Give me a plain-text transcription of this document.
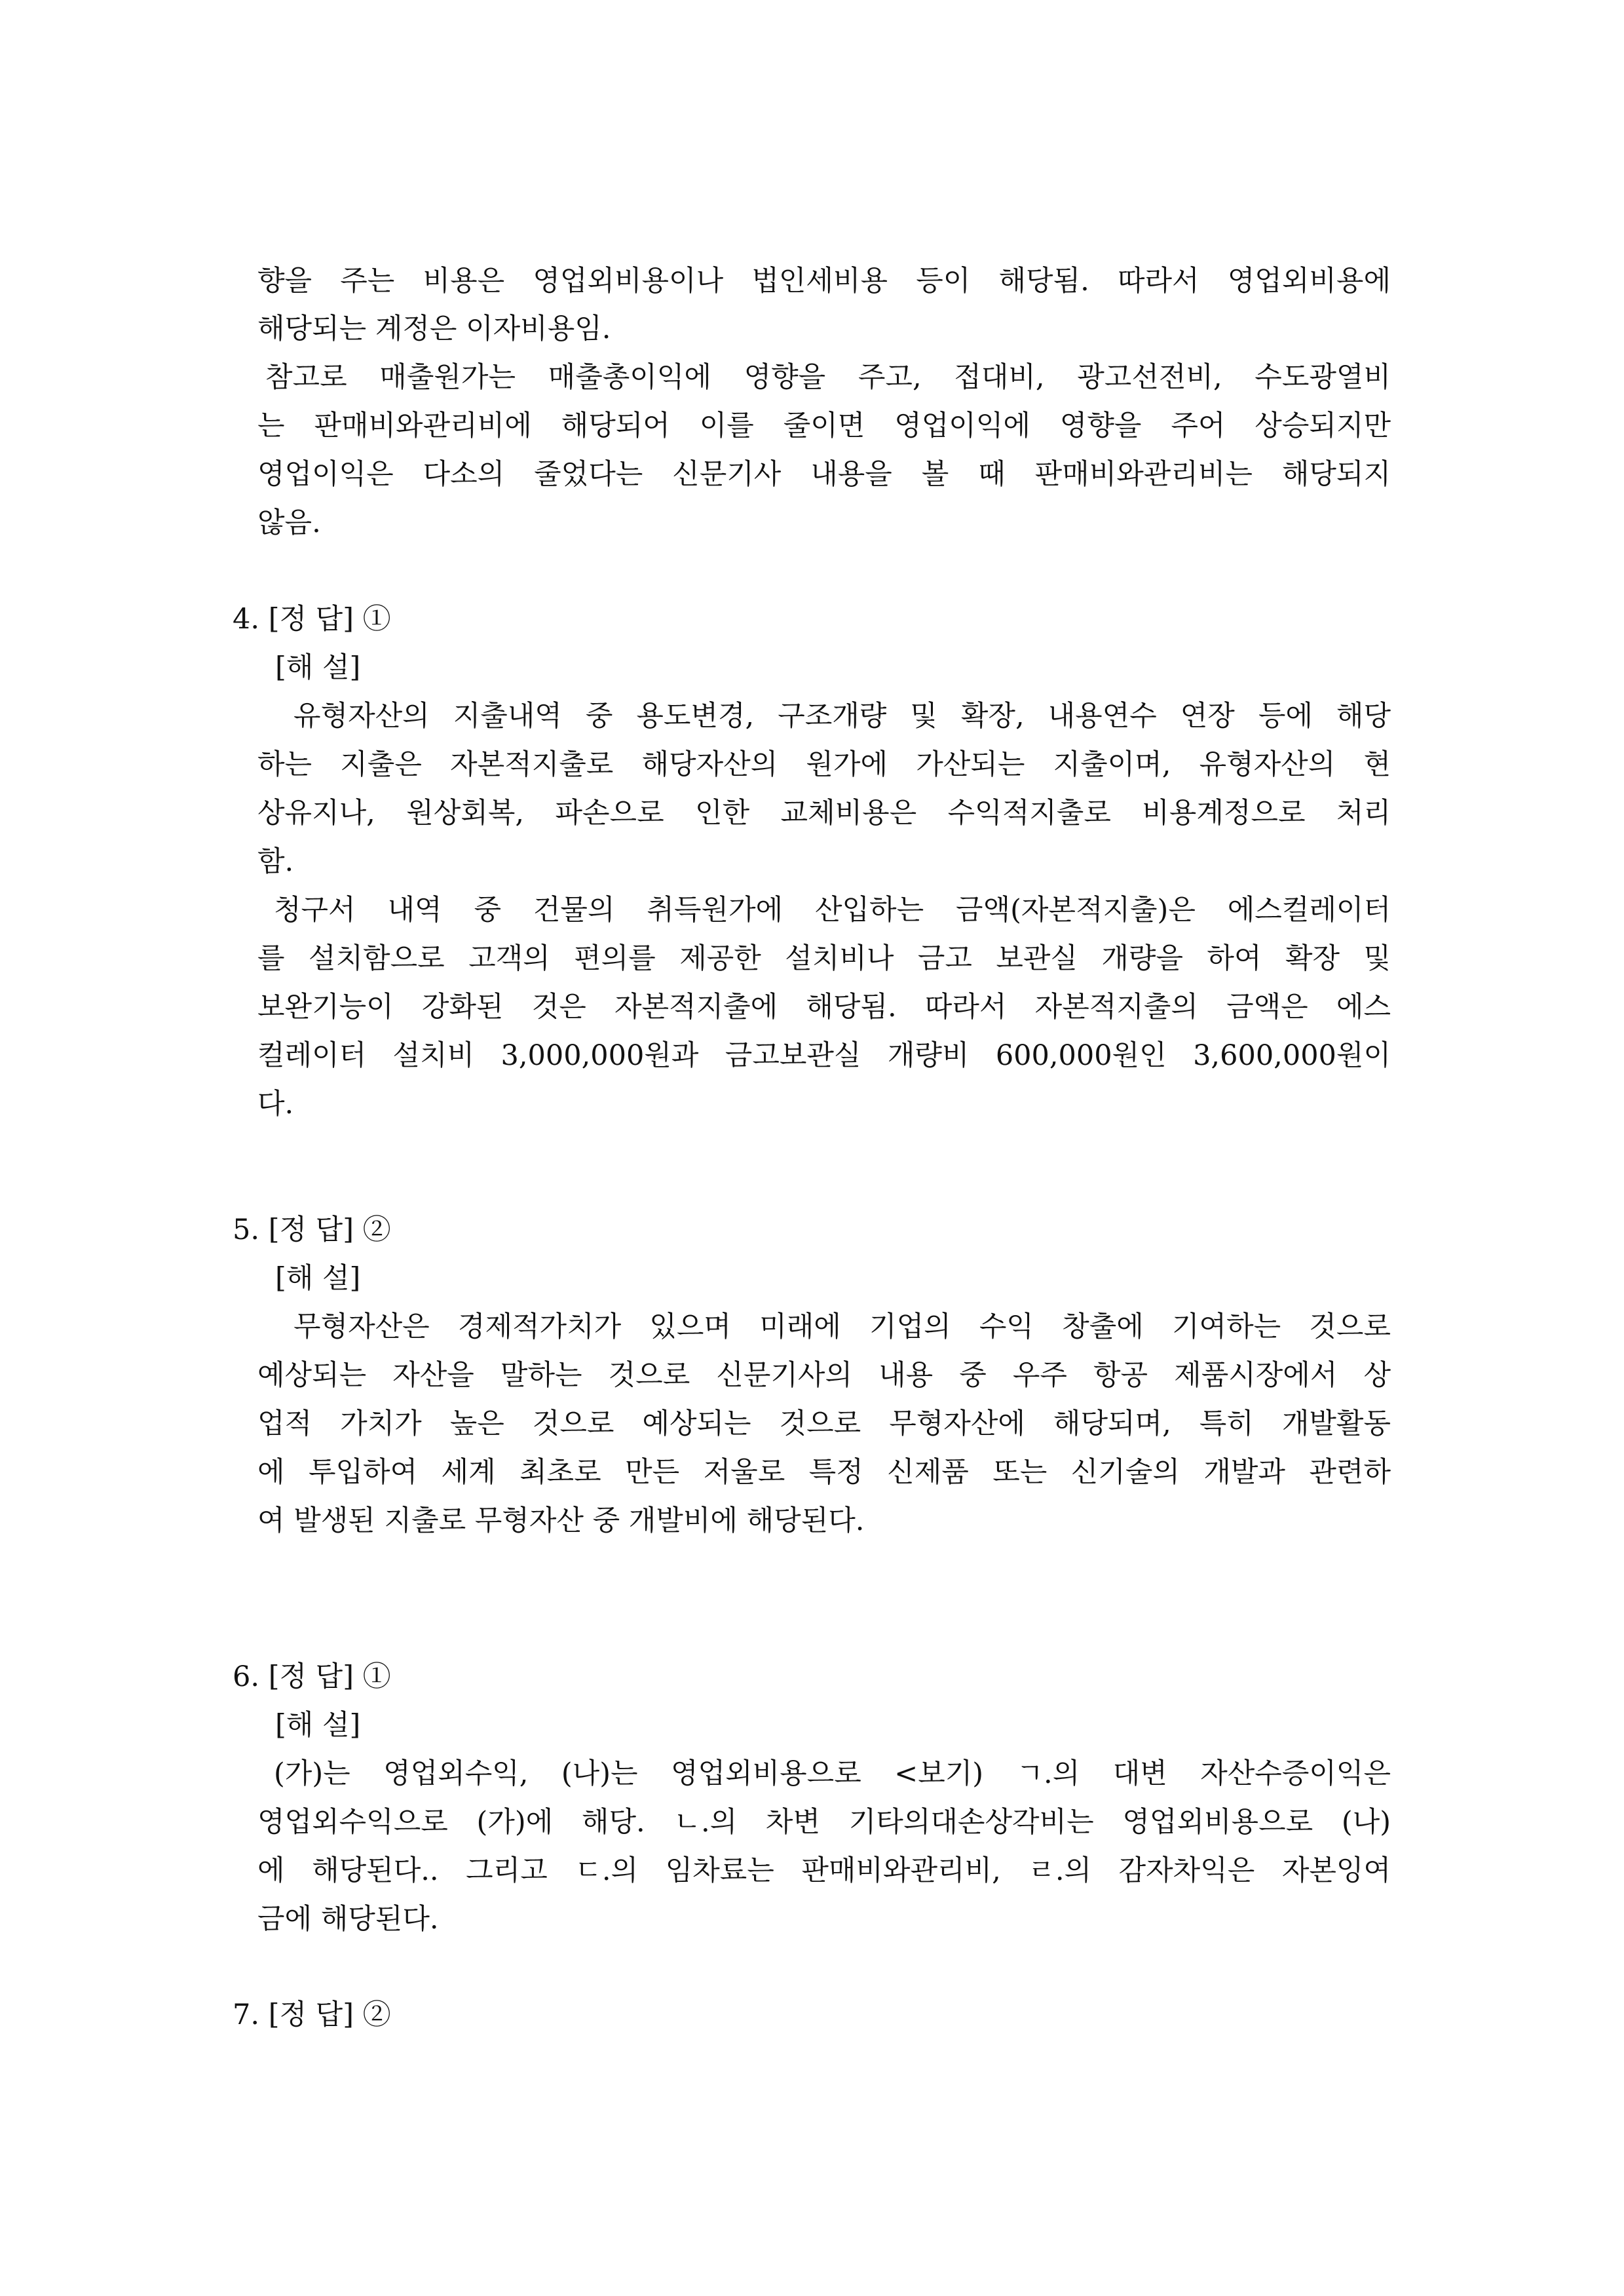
향을 주는 비용은 영업외비용이나 법인세비용 등이 해당됨. 따라서 영업외비용에

해당되는 계정은 이자비용임.

참고로 매출원가는 매출총이익에 영향을 주고, 접대비, 광고선전비, 수도광열비

는 판매비와관리비에 해당되어 이를 줄이면 영업이익에 영향을 주어 상승되지만

영업이익은 다소의 줄었다는 신문기사 내용을 볼 때 판매비와관리비는 해당되지

않음.

4. [정 답] ①

[해 설]

유형자산의 지출내역 중 용도변경, 구조개량 및 확장, 내용연수 연장 등에 해당

하는 지출은 자본적지출로 해당자산의 원가에 가산되는 지출이며, 유형자산의 현

상유지나, 원상회복, 파손으로 인한 교체비용은 수익적지출로 비용계정으로 처리

함.

청구서 내역 중 건물의 취득원가에 산입하는 금액(자본적지출)은 에스컬레이터

를 설치함으로 고객의 편의를 제공한 설치비나 금고 보관실 개량을 하여 확장 및

보완기능이 강화된 것은 자본적지출에 해당됨. 따라서 자본적지출의 금액은 에스

컬레이터 설치비 3,000,000원과 금고보관실 개량비 600,000원인 3,600,000원이

다.

5. [정 답] ②

[해 설]

무형자산은 경제적가치가 있으며 미래에 기업의 수익 창출에 기여하는 것으로

예상되는 자산을 말하는 것으로 신문기사의 내용 중 우주 항공 제품시장에서 상

업적 가치가 높은 것으로 예상되는 것으로 무형자산에 해당되며, 특히 개발활동

에 투입하여 세계 최초로 만든 저울로 특정 신제품 또는 신기술의 개발과 관련하

여 발생된 지출로 무형자산 중 개발비에 해당된다.

6. [정 답] ①

[해 설]

(가)는 영업외수익, (나)는 영업외비용으로 <보기) ㄱ.의 대변 자산수증이익은

영업외수익으로 (가)에 해당. ㄴ.의 차변 기타의대손상각비는 영업외비용으로 (나)

에 해당된다.. 그리고 ㄷ.의 임차료는 판매비와관리비, ㄹ.의 감자차익은 자본잉여

금에 해당된다.

7. [정 답] ②
